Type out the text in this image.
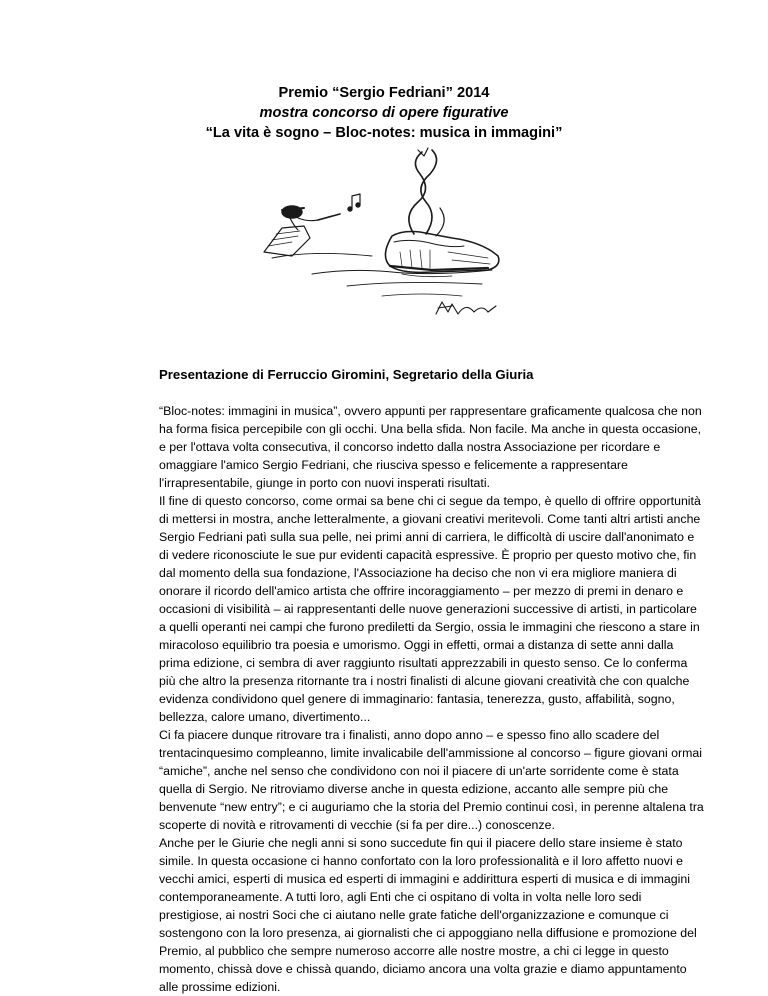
Premio “Sergio Fedriani” 2014
mostra concorso di opere figurative
“La vita è sogno – Bloc-notes: musica in immagini”
Presentazione di Ferruccio Giromini, Segretario della Giuria

“Bloc-notes: immagini in musica”, ovvero appunti per rappresentare graficamente qualcosa che non ha forma fisica percepibile con gli occhi. Una bella sfida. Non facile. Ma anche in questa occasione, e per l'ottava volta consecutiva, il concorso indetto dalla nostra Associazione per ricordare e omaggiare l'amico Sergio Fedriani, che riusciva spesso e felicemente a rappresentare l'irrapresentabile, giunge in porto con nuovi insperati risultati.

Il fine di questo concorso, come ormai sa bene chi ci segue da tempo, è quello di offrire opportunità di mettersi in mostra, anche letteralmente, a giovani creativi meritevoli. Come tanti altri artisti anche Sergio Fedriani patì sulla sua pelle, nei primi anni di carriera, le difficoltà di uscire dall'anonimato e di vedere riconosciute le sue pur evidenti capacità espressive. È proprio per questo motivo che, fin dal momento della sua fondazione, l'Associazione ha deciso che non vi era migliore maniera di onorare il ricordo dell'amico artista che offrire incoraggiamento – per mezzo di premi in denaro e occasioni di visibilità – ai rappresentanti delle nuove generazioni successive di artisti, in particolare a quelli operanti nei campi che furono prediletti da Sergio, ossia le immagini che riescono a stare in miracoloso equilibrio tra poesia e umorismo. Oggi in effetti, ormai a distanza di sette anni dalla prima edizione, ci sembra di aver raggiunto risultati apprezzabili in questo senso. Ce lo conferma più che altro la presenza ritornante tra i nostri finalisti di alcune giovani creatività che con qualche evidenza condividono quel genere di immaginario: fantasia, tenerezza, gusto, affabilità, sogno, bellezza, calore umano, divertimento...

Ci fa piacere dunque ritrovare tra i finalisti, anno dopo anno – e spesso fino allo scadere del trentacinquesimo compleanno, limite invalicabile dell'ammissione al concorso – figure giovani ormai “amiche”, anche nel senso che condividono con noi il piacere di un'arte sorridente come è stata quella di Sergio. Ne ritroviamo diverse anche in questa edizione, accanto alle sempre più che benvenute “new entry”; e ci auguriamo che la storia del Premio continui così, in perenne altalena tra scoperte di novità e ritrovamenti di vecchie (si fa per dire...) conoscenze.

Anche per le Giurie che negli anni si sono succedute fin qui il piacere dello stare insieme è stato simile. In questa occasione ci hanno confortato con la loro professionalità e il loro affetto nuovi e vecchi amici, esperti di musica ed esperti di immagini e addirittura esperti di musica e di immagini contemporaneamente. A tutti loro, agli Enti che ci ospitano di volta in volta nelle loro sedi prestigiose, ai nostri Soci che ci aiutano nelle grate fatiche dell'organizzazione e comunque ci sostengono con la loro presenza, ai giornalisti che ci appoggiano nella diffusione e promozione del Premio, al pubblico che sempre numeroso accorre alle nostre mostre, a chi ci legge in questo momento, chissà dove e chissà quando, diciamo ancora una volta grazie e diamo appuntamento alle prossime edizioni.
